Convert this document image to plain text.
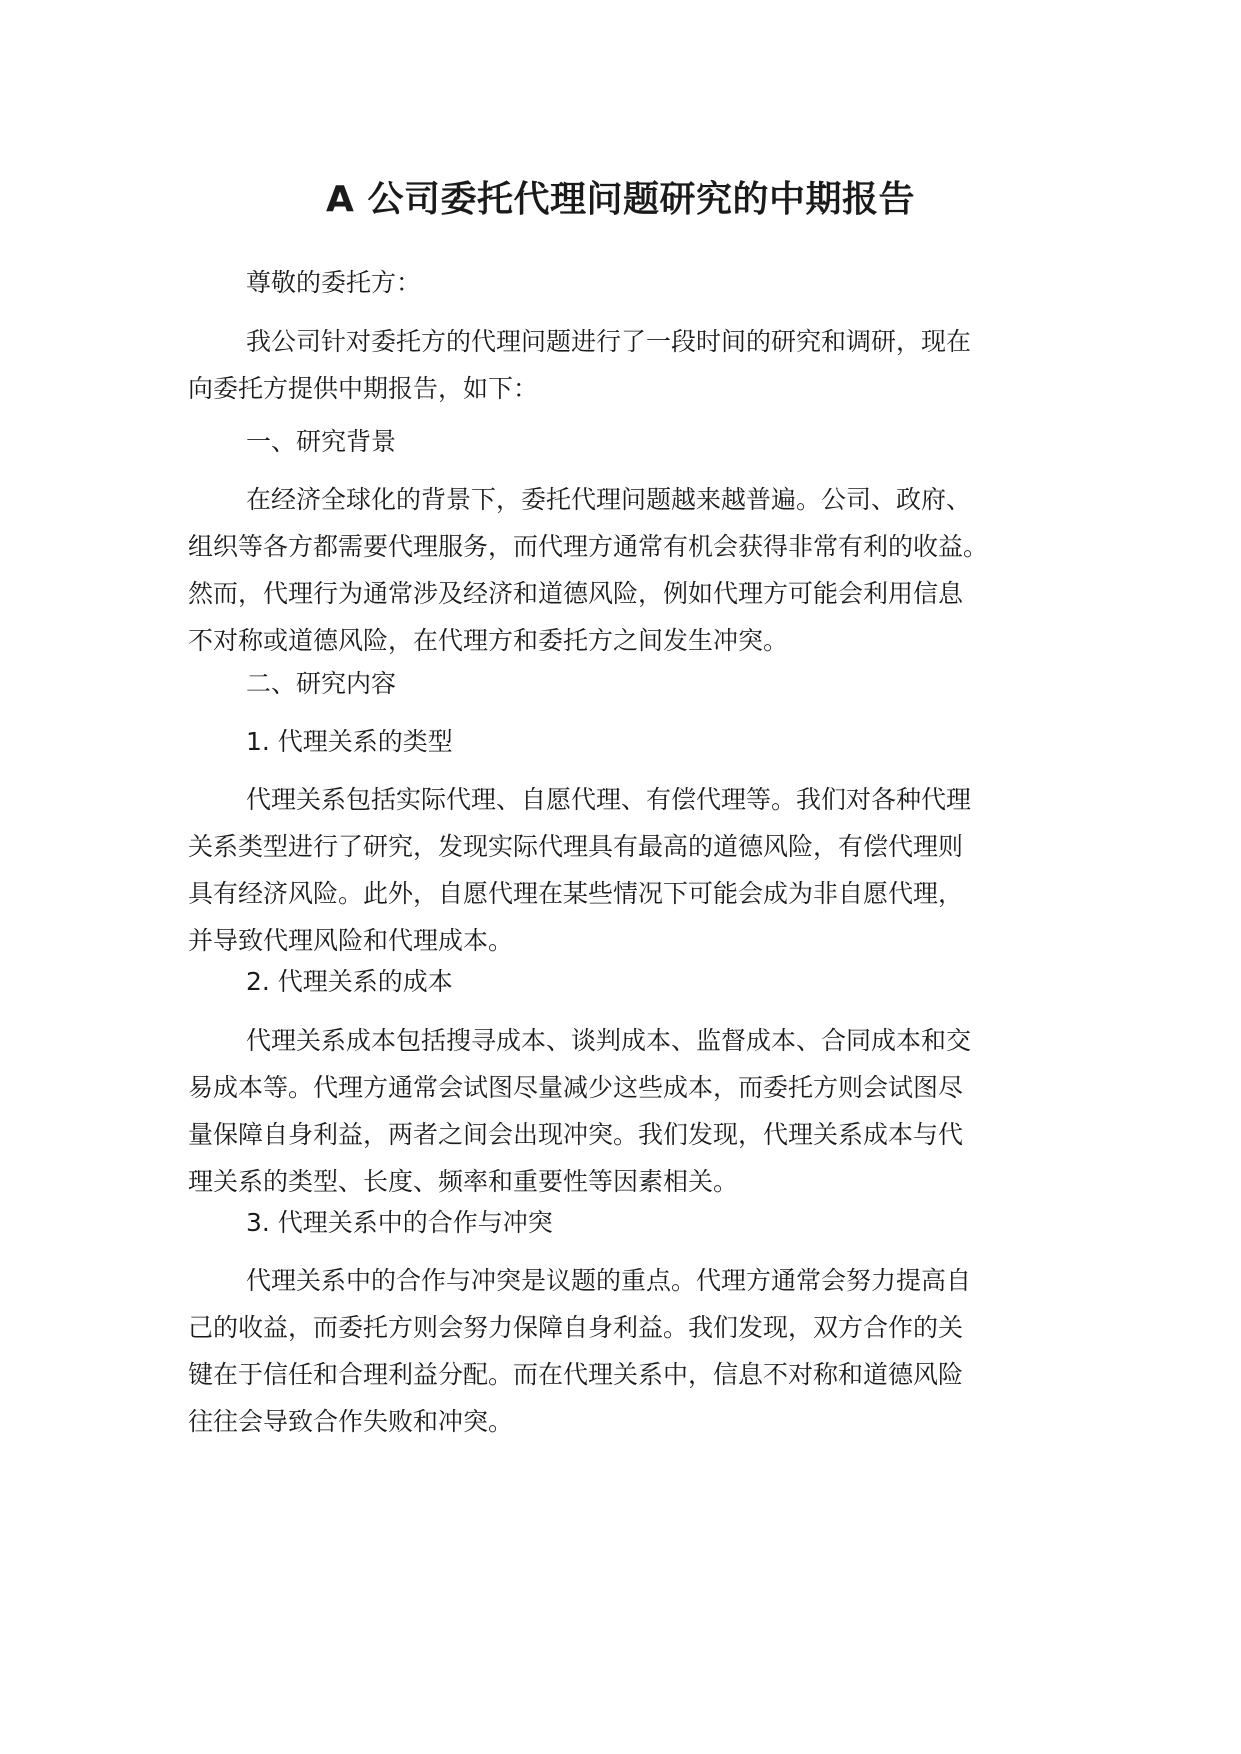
A 公司委托代理问题研究的中期报告
尊敬的委托方：
我公司针对委托方的代理问题进行了一段时间的研究和调研，现在
向委托方提供中期报告，如下：
一、研究背景
在经济全球化的背景下，委托代理问题越来越普遍。公司、政府、
组织等各方都需要代理服务，而代理方通常有机会获得非常有利的收益。
然而，代理行为通常涉及经济和道德风险，例如代理方可能会利用信息
不对称或道德风险，在代理方和委托方之间发生冲突。
二、研究内容
1. 代理关系的类型
代理关系包括实际代理、自愿代理、有偿代理等。我们对各种代理
关系类型进行了研究，发现实际代理具有最高的道德风险，有偿代理则
具有经济风险。此外，自愿代理在某些情况下可能会成为非自愿代理，
并导致代理风险和代理成本。
2. 代理关系的成本
代理关系成本包括搜寻成本、谈判成本、监督成本、合同成本和交
易成本等。代理方通常会试图尽量减少这些成本，而委托方则会试图尽
量保障自身利益，两者之间会出现冲突。我们发现，代理关系成本与代
理关系的类型、长度、频率和重要性等因素相关。
3. 代理关系中的合作与冲突
代理关系中的合作与冲突是议题的重点。代理方通常会努力提高自
己的收益，而委托方则会努力保障自身利益。我们发现，双方合作的关
键在于信任和合理利益分配。而在代理关系中，信息不对称和道德风险
往往会导致合作失败和冲突。
